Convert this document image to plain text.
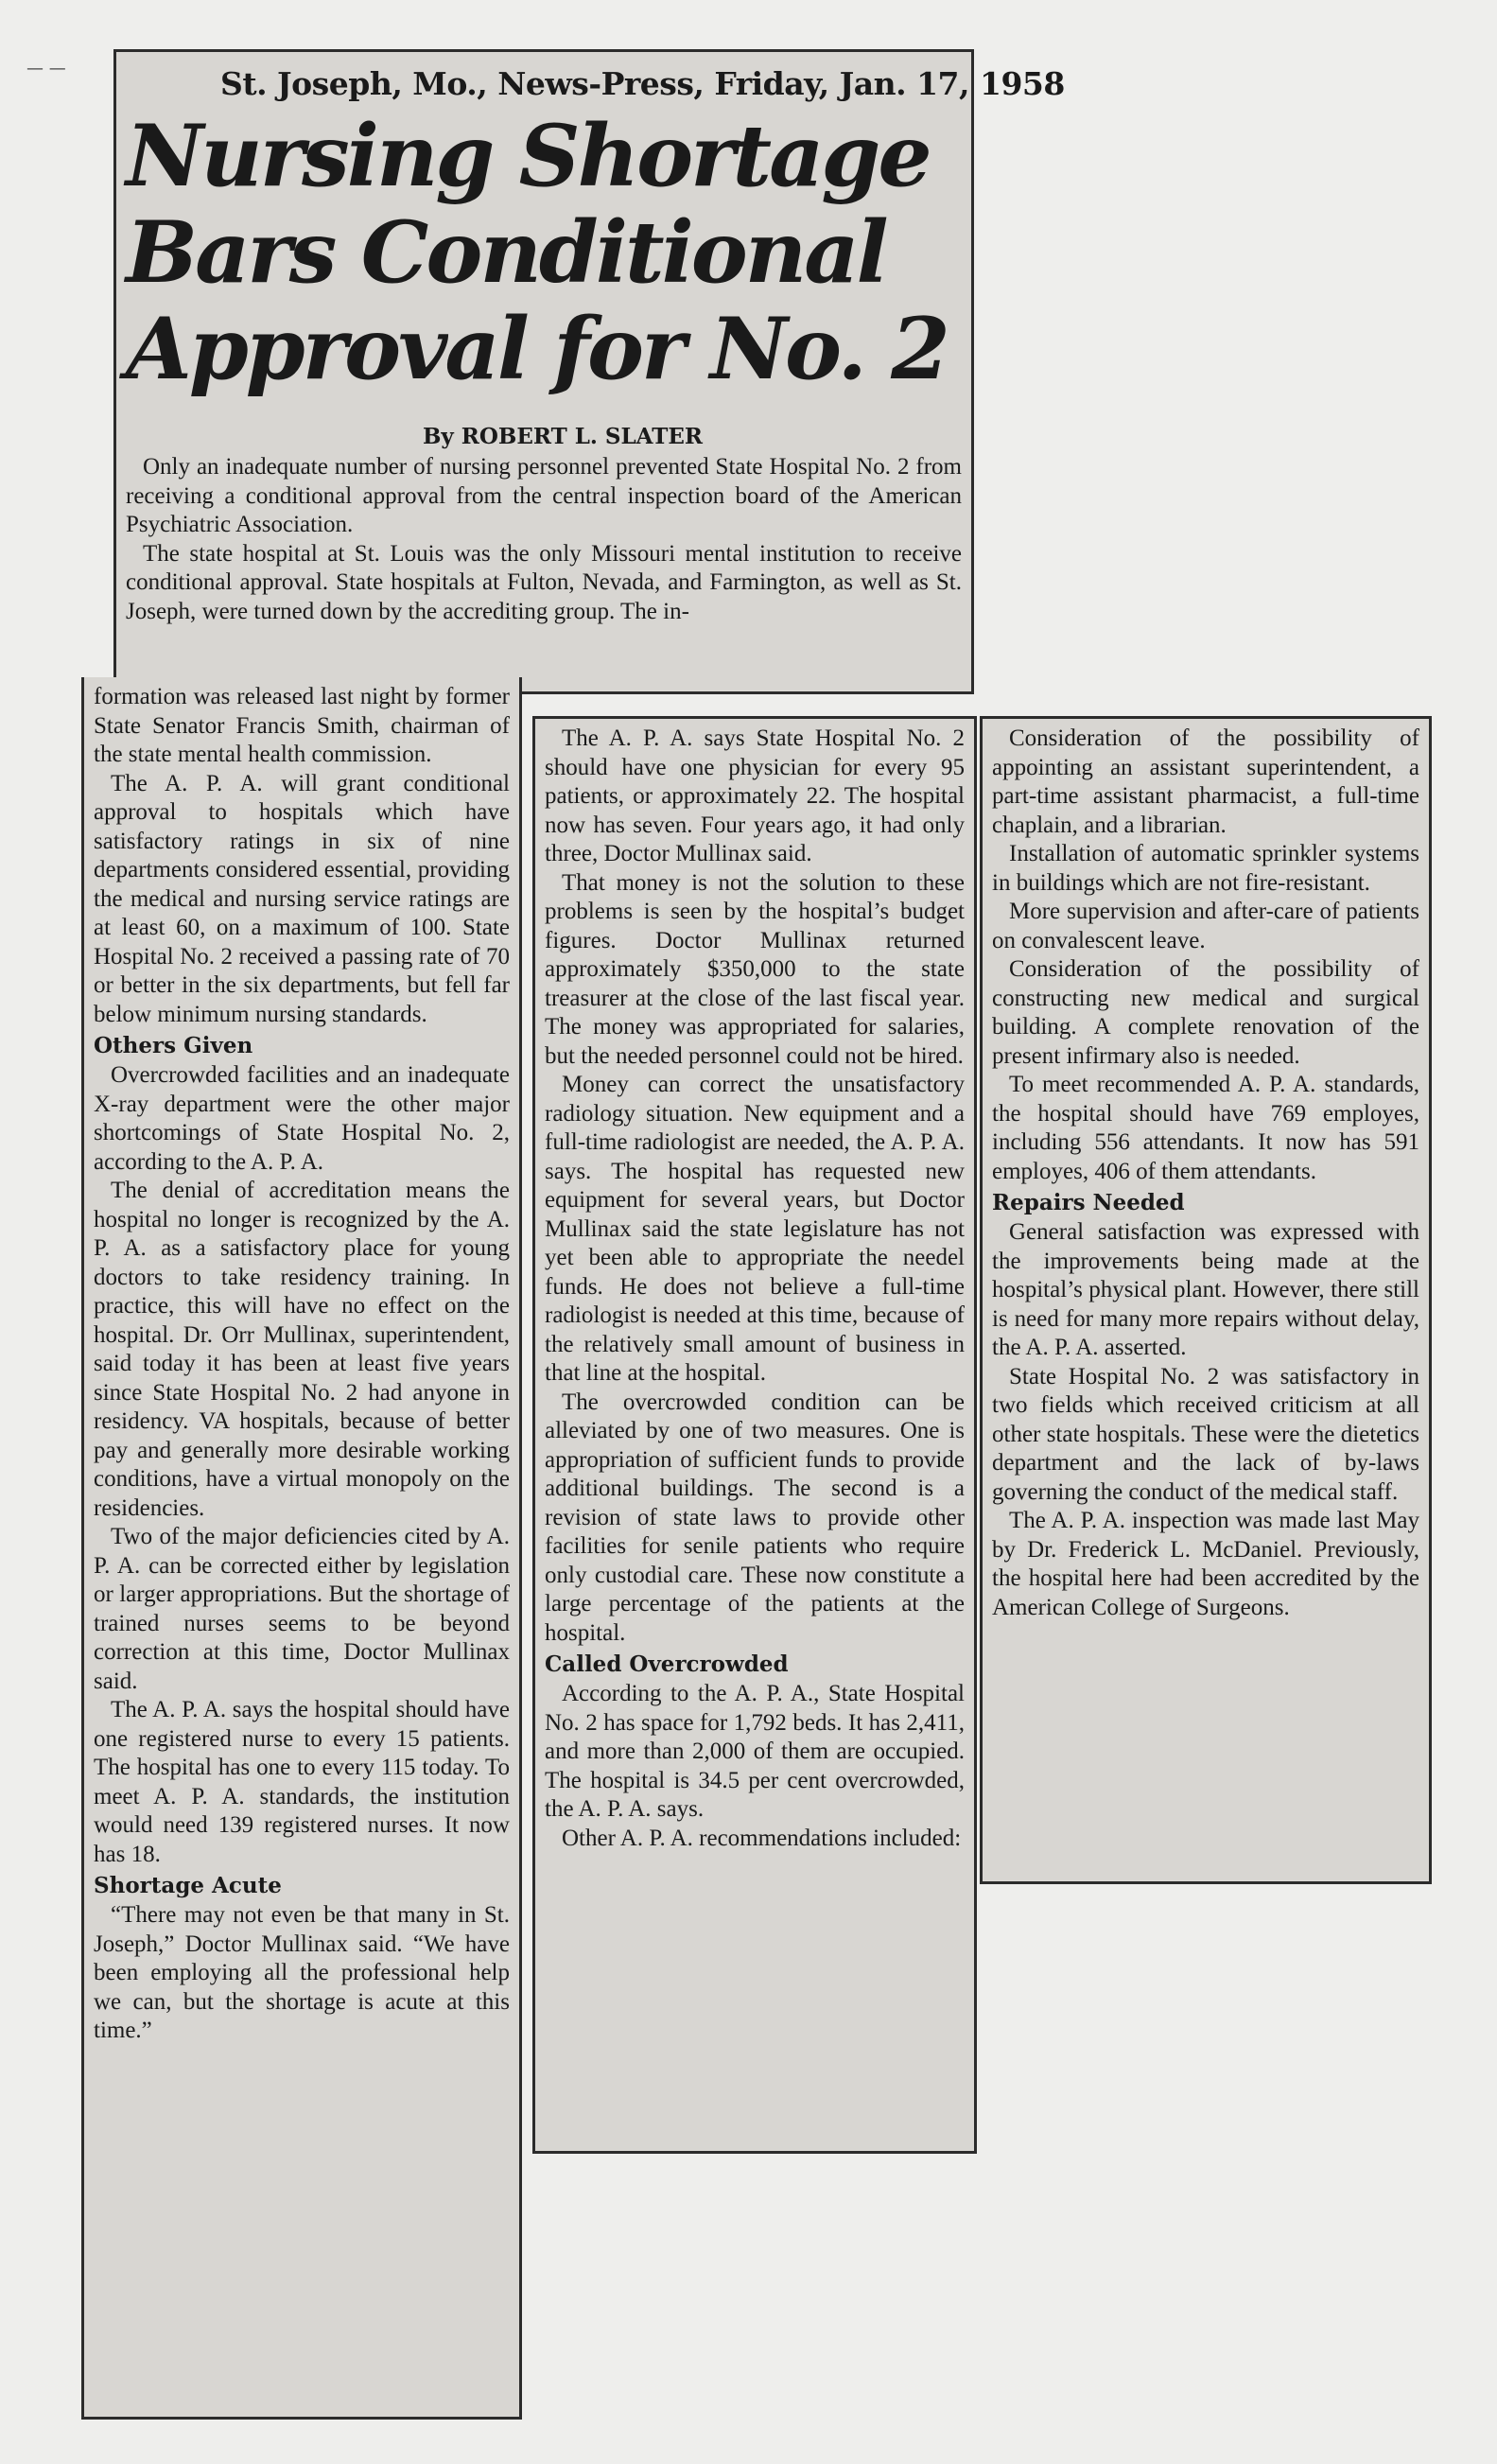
— —	St. Joseph, Mo., News-Press, Friday, Jan. 17, 1958
Nursing Shortage
Bars Conditional
Approval for No. 2
By ROBERT L. SLATER

Only an inadequate number of nursing personnel prevented State Hospital No. 2 from receiving a conditional approval from the central inspection board of the American Psychiatric Association.

The state hospital at St. Louis was the only Missouri mental institution to receive conditional approval. State hospitals at Fulton, Nevada, and Farmington, as well as St. Joseph, were turned down by the accrediting group. The in-

formation was released last night by former State Senator Francis Smith, chairman of the state mental health commission.

The A. P. A. will grant conditional approval to hospitals which have satisfactory ratings in six of nine departments considered essential, providing the medical and nursing service ratings are at least 60, on a maximum of 100. State Hospital No. 2 received a passing rate of 70 or better in the six departments, but fell far below minimum nursing standards.

Others Given

Overcrowded facilities and an inadequate X-ray department were the other major shortcomings of State Hospital No. 2, according to the A. P. A.

The denial of accreditation means the hospital no longer is recognized by the A. P. A. as a satisfactory place for young doctors to take residency training. In practice, this will have no effect on the hospital. Dr. Orr Mullinax, superintendent, said today it has been at least five years since State Hospital No. 2 had anyone in residency. VA hospitals, because of better pay and generally more desirable working conditions, have a virtual monopoly on the residencies.

Two of the major deficiencies cited by A. P. A. can be corrected either by legislation or larger appropriations. But the shortage of trained nurses seems to be beyond correction at this time, Doctor Mullinax said.

The A. P. A. says the hospital should have one registered nurse to every 15 patients. The hospital has one to every 115 today. To meet A. P. A. standards, the institution would need 139 registered nurses. It now has 18.

Shortage Acute

“There may not even be that many in St. Joseph,” Doctor Mullinax said. “We have been employing all the professional help we can, but the shortage is acute at this time.”

The A. P. A. says State Hospital No. 2 should have one physician for every 95 patients, or approximately 22. The hospital now has seven. Four years ago, it had only three, Doctor Mullinax said.

That money is not the solution to these problems is seen by the hospital’s budget figures. Doctor Mullinax returned approximately $350,000 to the state treasurer at the close of the last fiscal year. The money was appropriated for salaries, but the needed personnel could not be hired.

Money can correct the unsatisfactory radiology situation. New equipment and a full-time radiologist are needed, the A. P. A. says. The hospital has requested new equipment for several years, but Doctor Mullinax said the state legislature has not yet been able to appropriate the needel funds. He does not believe a full-time radiologist is needed at this time, because of the relatively small amount of business in that line at the hospital.

The overcrowded condition can be alleviated by one of two measures. One is appropriation of sufficient funds to provide additional buildings. The second is a revision of state laws to provide other facilities for senile patients who require only custodial care. These now constitute a large percentage of the patients at the hospital.

Called Overcrowded

According to the A. P. A., State Hospital No. 2 has space for 1,792 beds. It has 2,411, and more than 2,000 of them are occupied. The hospital is 34.5 per cent overcrowded, the A. P. A. says.

Other A. P. A. recommendations included:

Consideration of the possibility of appointing an assistant superintendent, a part-time assistant pharmacist, a full-time chaplain, and a librarian.

Installation of automatic sprinkler systems in buildings which are not fire-resistant.

More supervision and after-care of patients on convalescent leave.

Consideration of the possibility of constructing new medical and surgical building. A complete renovation of the present infirmary also is needed.

To meet recommended A. P. A. standards, the hospital should have 769 employes, including 556 attendants. It now has 591 employes, 406 of them attendants.

Repairs Needed

General satisfaction was expressed with the improvements being made at the hospital’s physical plant. However, there still is need for many more repairs without delay, the A. P. A. asserted.

State Hospital No. 2 was satisfactory in two fields which received criticism at all other state hospitals. These were the dietetics department and the lack of by-laws governing the conduct of the medical staff.

The A. P. A. inspection was made last May by Dr. Frederick L. McDaniel. Previously, the hospital here had been accredited by the American College of Surgeons.
